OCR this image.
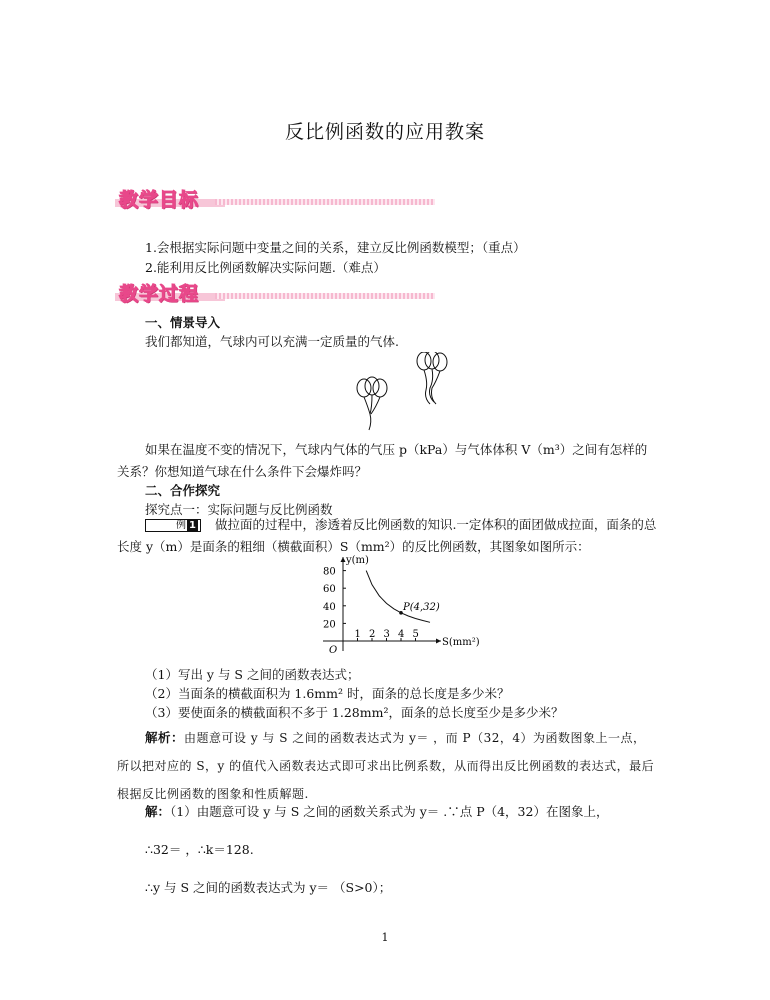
反比例函数的应用教案
教学目标
1.会根据实际问题中变量之间的关系，建立反比例函数模型；（重点）
2.能利用反比例函数解决实际问题.（难点）
教学过程
一、情景导入
我们都知道，气球内可以充满一定质量的气体.
如果在温度不变的情况下，气球内气体的气压 p（kPa）与气体体积 V（m³）之间有怎样的关系？你想知道气球在什么条件下会爆炸吗？
二、合作探究
探究点一：实际问题与反比例函数
例 1 做拉面的过程中，渗透着反比例函数的知识.一定体积的面团做成拉面，面条的总长度 y（m）是面条的粗细（横截面积）S（mm²）的反比例函数，其图象如图所示：
1 2 3 4 5
20
40
60
80
O
S(mm²)
y(m)
P(4,32)
（1）写出 y 与 S 之间的函数表达式；
（2）当面条的横截面积为 1.6mm² 时，面条的总长度是多少米？
（3）要使面条的横截面积不多于 1.28mm²，面条的总长度至少是多少米？
解析：由题意可设 y 与 S 之间的函数表达式为 y＝ ，而 P（32，4）为函数图象上一点，所以把对应的 S，y 的值代入函数表达式即可求出比例系数，从而得出反比例函数的表达式，最后根据反比例函数的图象和性质解题.
解：（1）由题意可设 y 与 S 之间的函数关系式为 y＝ .∵点 P（4，32）在图象上，
∴32＝ ，∴k＝128.
∴y 与 S 之间的函数表达式为 y＝ （S>0）；
1
